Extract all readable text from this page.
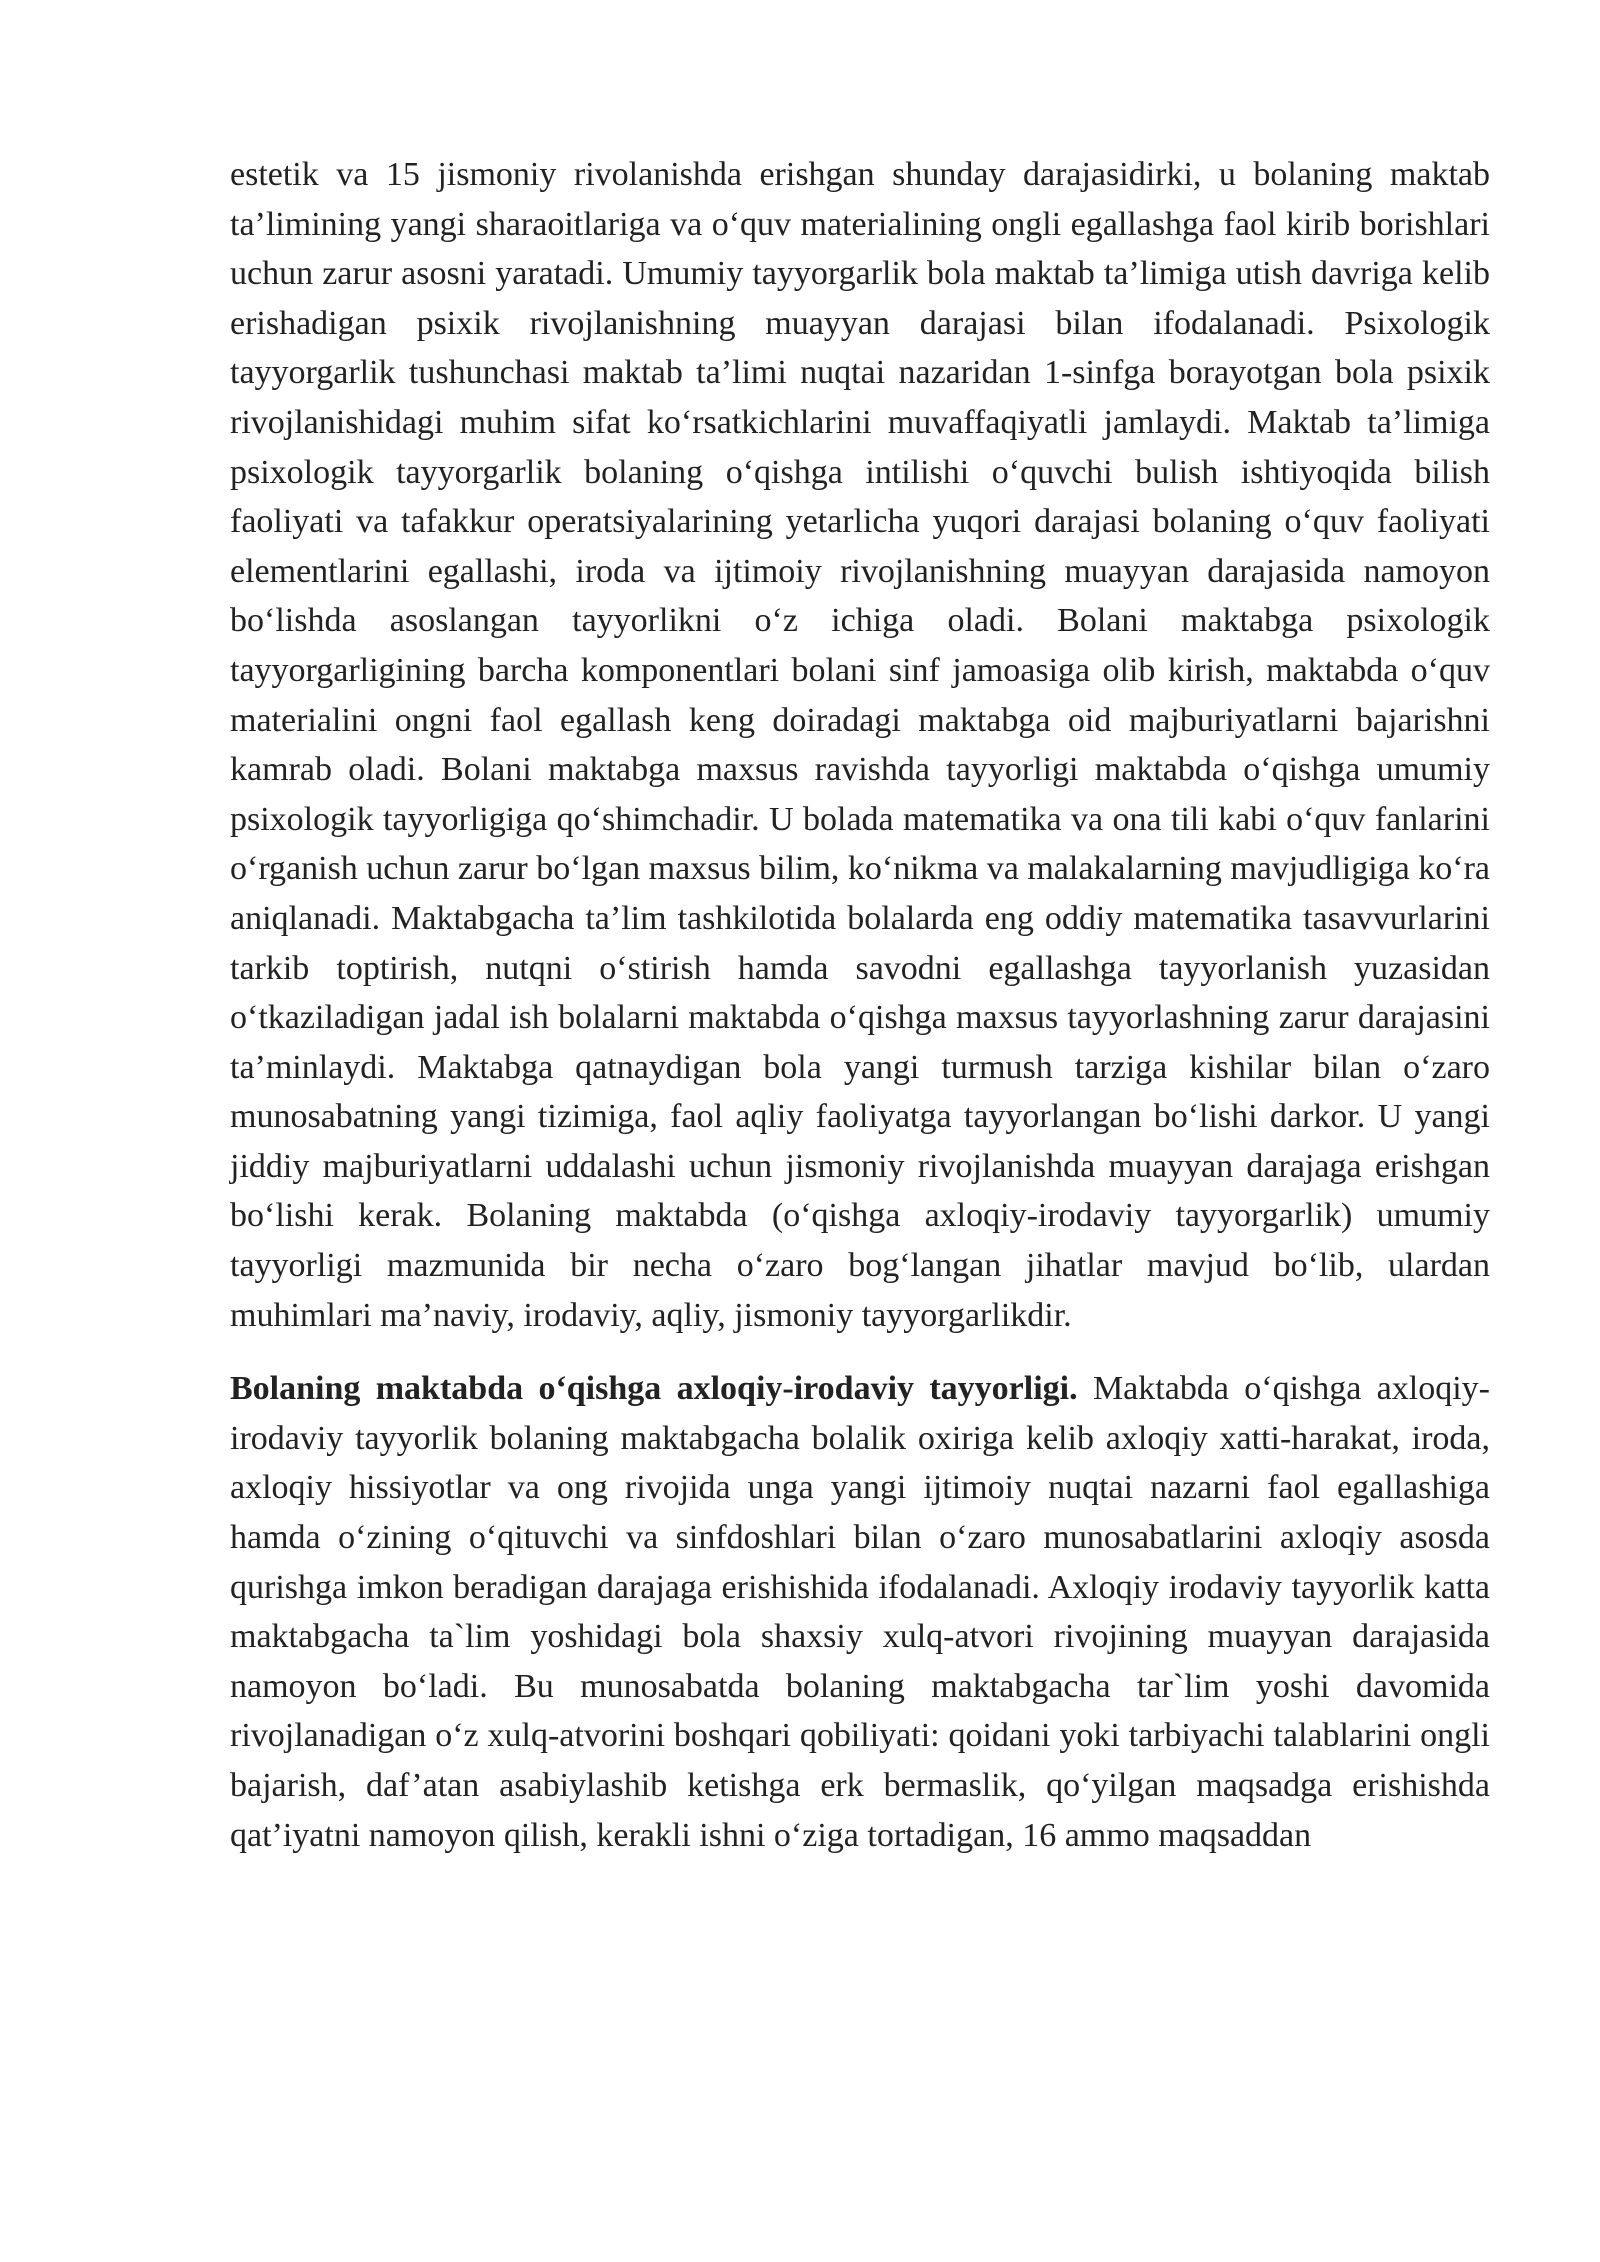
estetik va 15 jismoniy rivolanishda erishgan shunday darajasidirki, u bolaning maktab ta’limining yangi sharaoitlariga va o‘quv materialining ongli egallashga faol kirib borishlari uchun zarur asosni yaratadi. Umumiy tayyorgarlik bola maktab ta’limiga utish davriga kelib erishadigan psixik rivojlanishning muayyan darajasi bilan ifodalanadi. Psixologik tayyorgarlik tushunchasi maktab ta’limi nuqtai nazaridan 1-sinfga borayotgan bola psixik rivojlanishidagi muhim sifat ko‘rsatkichlarini muvaffaqiyatli jamlaydi. Maktab ta’limiga psixologik tayyorgarlik bolaning o‘qishga intilishi o‘quvchi bulish ishtiyoqida bilish faoliyati va tafakkur operatsiyalarining yetarlicha yuqori darajasi bolaning o‘quv faoliyati elementlarini egallashi, iroda va ijtimoiy rivojlanishning muayyan darajasida namoyon bo‘lishda asoslangan tayyorlikni o‘z ichiga oladi. Bolani maktabga psixologik tayyorgarligining barcha komponentlari bolani sinf jamoasiga olib kirish, maktabda o‘quv materialini ongni faol egallash keng doiradagi maktabga oid majburiyatlarni bajarishni kamrab oladi. Bolani maktabga maxsus ravishda tayyorligi maktabda o‘qishga umumiy psixologik tayyorligiga qo‘shimchadir. U bolada matematika va ona tili kabi o‘quv fanlarini o‘rganish uchun zarur bo‘lgan maxsus bilim, ko‘nikma va malakalarning mavjudligiga ko‘ra aniqlanadi. Maktabgacha ta’lim tashkilotida bolalarda eng oddiy matematika tasavvurlarini tarkib toptirish, nutqni o‘stirish hamda savodni egallashga tayyorlanish yuzasidan o‘tkaziladigan jadal ish bolalarni maktabda o‘qishga maxsus tayyorlashning zarur darajasini ta’minlaydi. Maktabga qatnaydigan bola yangi turmush tarziga kishilar bilan o‘zaro munosabatning yangi tizimiga, faol aqliy faoliyatga tayyorlangan bo‘lishi darkor. U yangi jiddiy majburiyatlarni uddalashi uchun jismoniy rivojlanishda muayyan darajaga erishgan bo‘lishi kerak. Bolaning maktabda (o‘qishga axloqiy-irodaviy tayyorgarlik) umumiy tayyorligi mazmunida bir necha o‘zaro bog‘langan jihatlar mavjud bo‘lib, ulardan muhimlari ma’naviy, irodaviy, aqliy, jismoniy tayyorgarlikdir.

Bolaning maktabda o‘qishga axloqiy-irodaviy tayyorligi. Maktabda o‘qishga axloqiy-irodaviy tayyorlik bolaning maktabgacha bolalik oxiriga kelib axloqiy xatti-harakat, iroda, axloqiy hissiyotlar va ong rivojida unga yangi ijtimoiy nuqtai nazarni faol egallashiga hamda o‘zining o‘qituvchi va sinfdoshlari bilan o‘zaro munosabatlarini axloqiy asosda qurishga imkon beradigan darajaga erishishida ifodalanadi. Axloqiy irodaviy tayyorlik katta maktabgacha ta`lim yoshidagi bola shaxsiy xulq-atvori rivojining muayyan darajasida namoyon bo‘ladi. Bu munosabatda bolaning maktabgacha tar`lim yoshi davomida rivojlanadigan o‘z xulq-atvorini boshqari qobiliyati: qoidani yoki tarbiyachi talablarini ongli bajarish, daf’atan asabiylashib ketishga erk bermaslik, qo‘yilgan maqsadga erishishda qat’iyatni namoyon qilish, kerakli ishni o‘ziga tortadigan, 16 ammo maqsaddan
